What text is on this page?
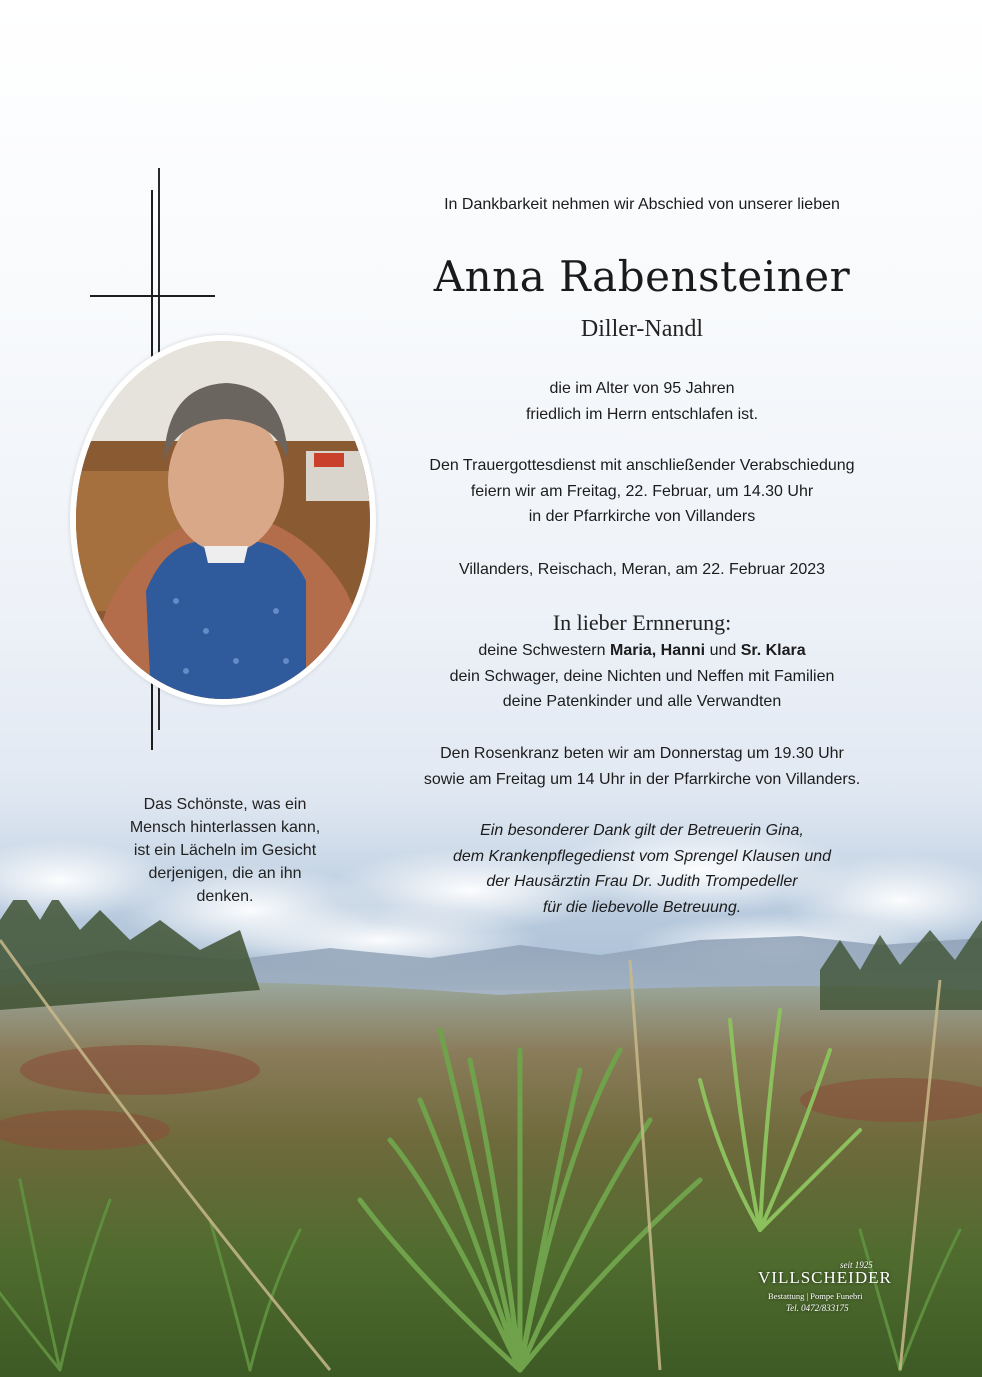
Das Schönste, was ein
Mensch hinterlassen kann,
ist ein Lächeln im Gesicht
derjenigen, die an ihn
denken.
In Dankbarkeit nehmen wir Abschied von unserer lieben
Anna Rabensteiner
Diller-Nandl
die im Alter von 95 Jahren
friedlich im Herrn entschlafen ist.
Den Trauergottesdienst mit anschließender Verabschiedung
feiern wir am Freitag, 22. Februar, um 14.30 Uhr
in der Pfarrkirche von Villanders
Villanders, Reischach, Meran, am 22. Februar 2023
In lieber Ernnerung:
deine Schwestern Maria, Hanni und Sr. Klara
dein Schwager, deine Nichten und Neffen mit Familien
deine Patenkinder und alle Verwandten
Den Rosenkranz beten wir am Donnerstag um 19.30 Uhr
sowie am Freitag um 14 Uhr in der Pfarrkirche von Villanders.
Ein besonderer Dank gilt der Betreuerin Gina,
dem Krankenpflegedienst vom Sprengel Klausen und
der Hausärztin Frau Dr. Judith Trompedeller
für die liebevolle Betreuung.
seit 1925
VILLSCHEIDER
Bestattung | Pompe Funebri
Tel. 0472/833175
